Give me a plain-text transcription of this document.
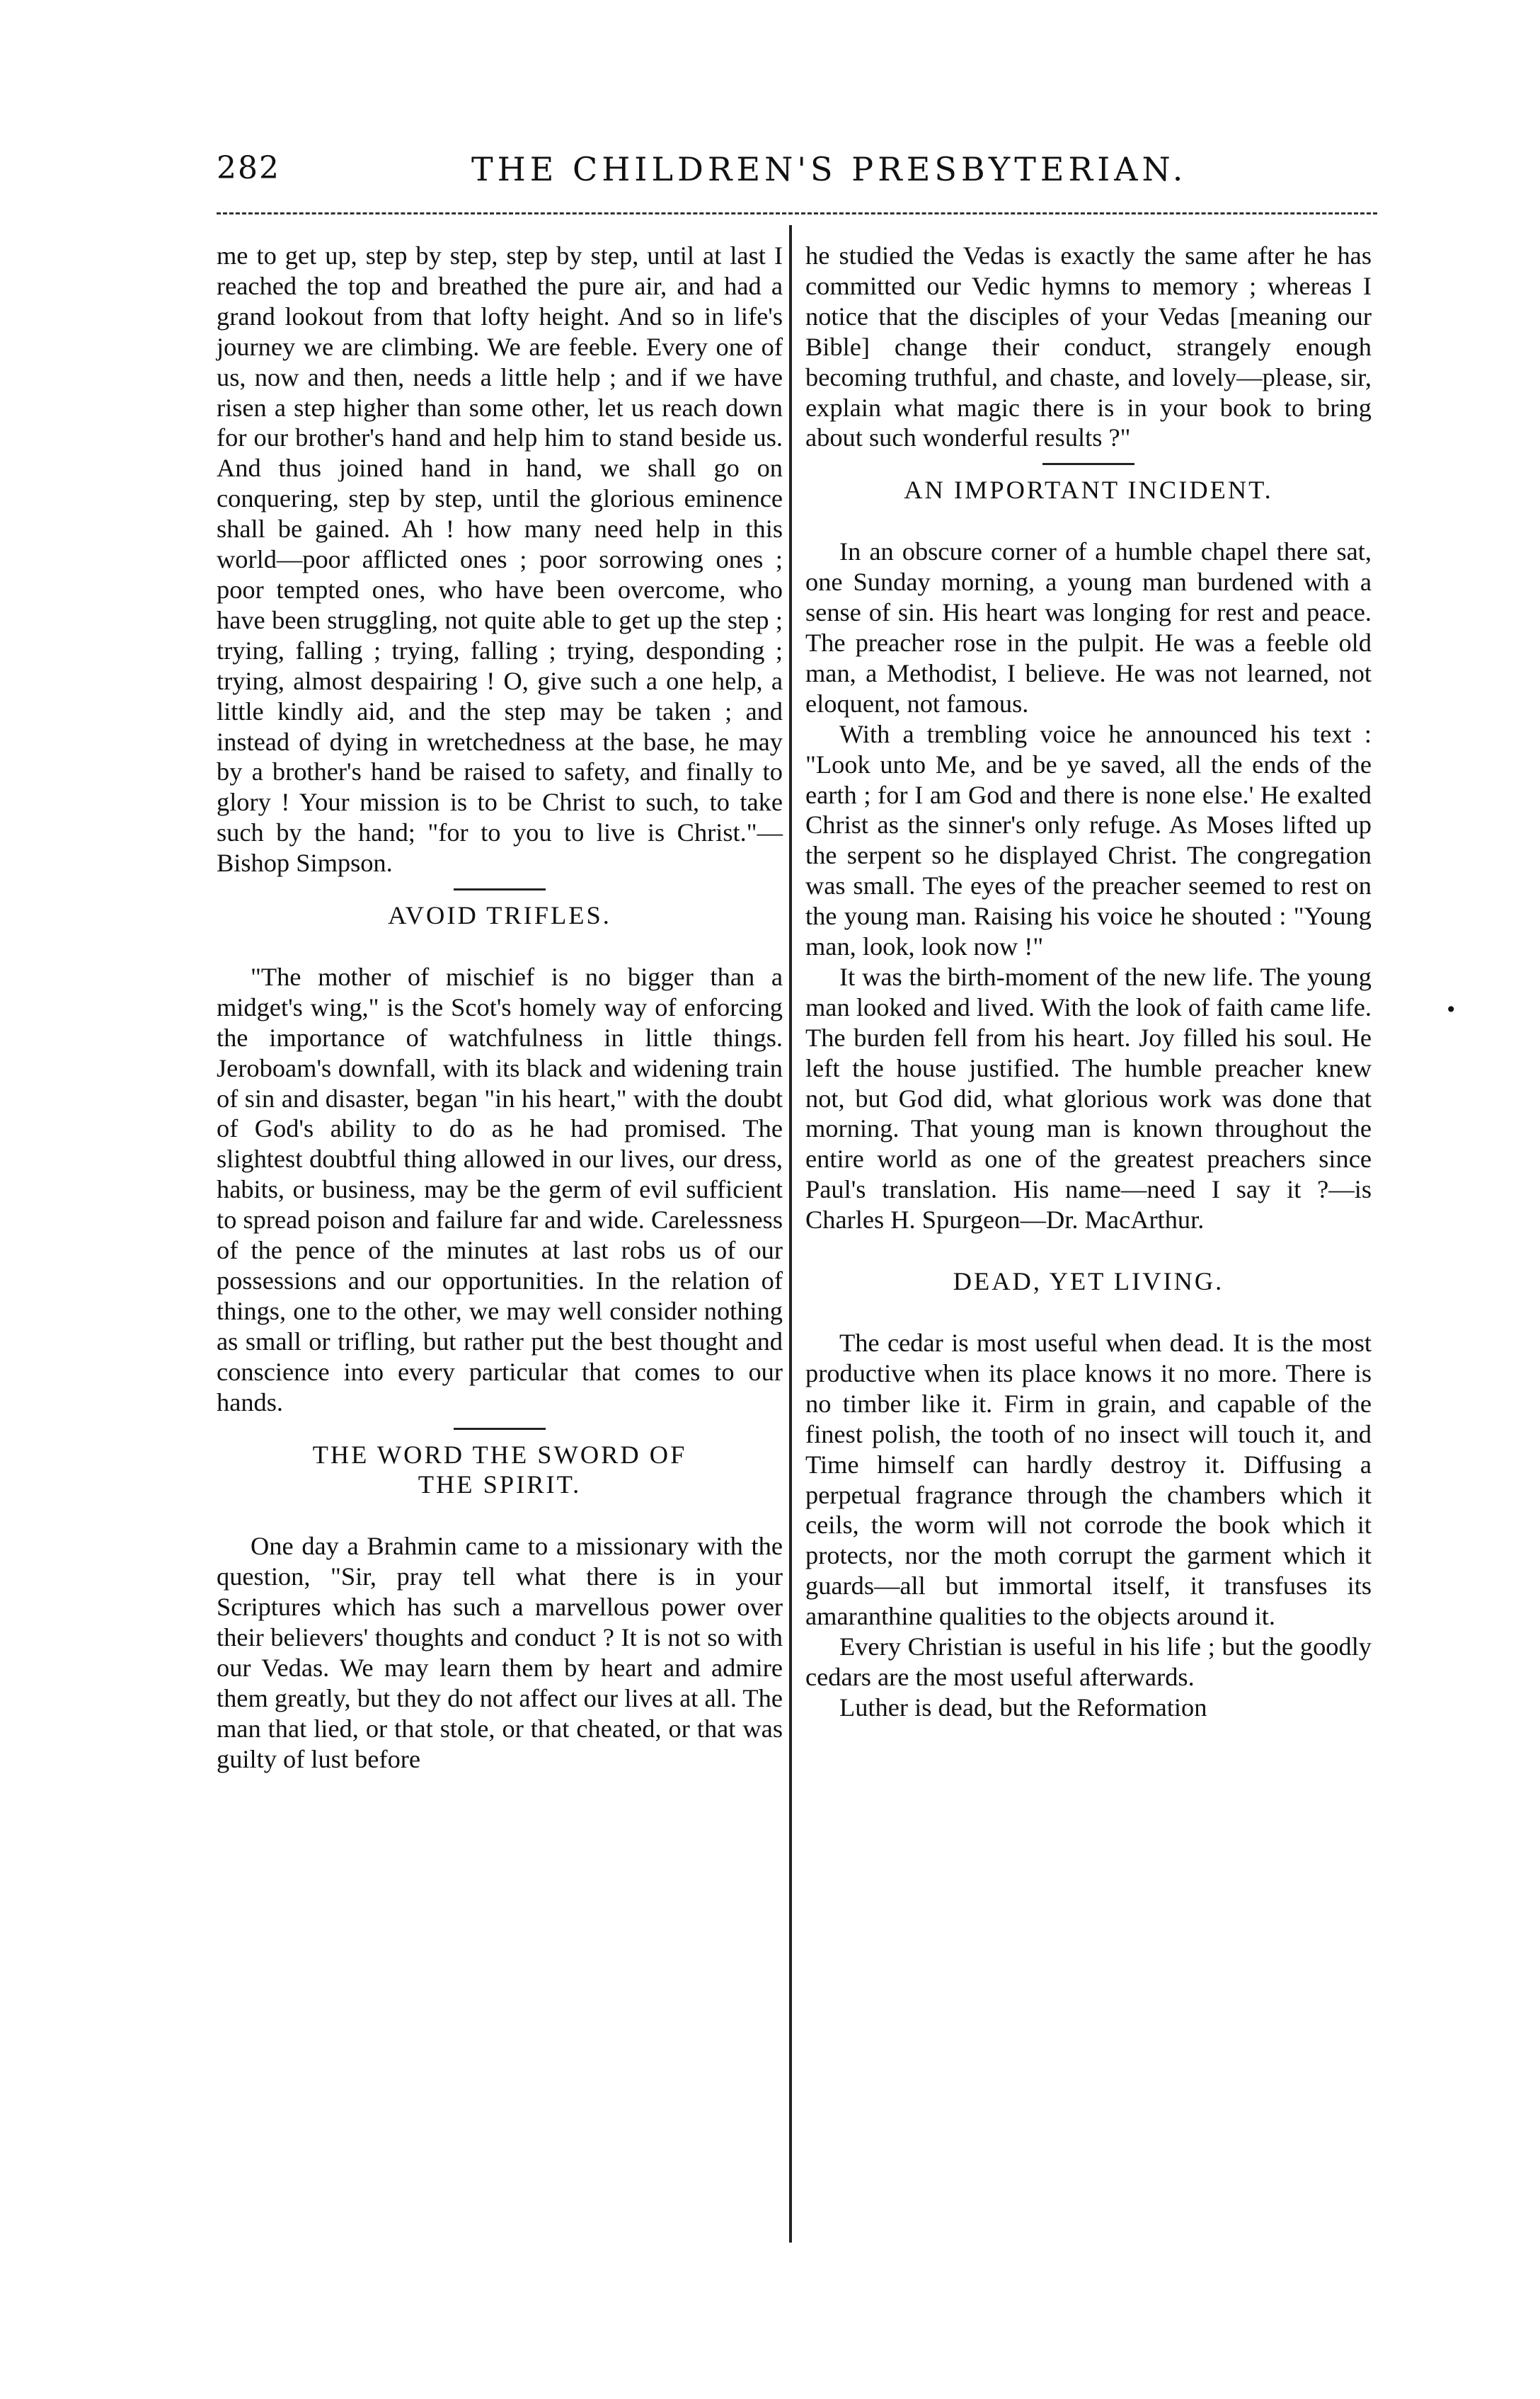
282	THE CHILDREN'S PRESBYTERIAN.
me to get up, step by step, step by step, until at last I reached the top and breathed the pure air, and had a grand lookout from that lofty height. And so in life's journey we are climbing. We are feeble. Every one of us, now and then, needs a little help ; and if we have risen a step higher than some other, let us reach down for our brother's hand and help him to stand beside us. And thus joined hand in hand, we shall go on conquering, step by step, until the glorious eminence shall be gained. Ah ! how many need help in this world—poor afflicted ones ; poor sorrowing ones ; poor tempted ones, who have been overcome, who have been struggling, not quite able to get up the step ; trying, falling ; trying, falling ; trying, desponding ; trying, almost despairing ! O, give such a one help, a little kindly aid, and the step may be taken ; and instead of dying in wretchedness at the base, he may by a brother's hand be raised to safety, and finally to glory ! Your mission is to be Christ to such, to take such by the hand; "for to you to live is Christ."—Bishop Simpson.
AVOID TRIFLES.
"The mother of mischief is no bigger than a midget's wing," is the Scot's homely way of enforcing the importance of watchfulness in little things. Jeroboam's downfall, with its black and widening train of sin and disaster, began "in his heart," with the doubt of God's ability to do as he had promised. The slightest doubtful thing allowed in our lives, our dress, habits, or business, may be the germ of evil sufficient to spread poison and failure far and wide. Carelessness of the pence of the minutes at last robs us of our possessions and our opportunities. In the relation of things, one to the other, we may well consider nothing as small or trifling, but rather put the best thought and conscience into every particular that comes to our hands.
THE WORD THE SWORD OF
THE SPIRIT.
One day a Brahmin came to a missionary with the question, "Sir, pray tell what there is in your Scriptures which has such a marvellous power over their believers' thoughts and conduct ? It is not so with our Vedas. We may learn them by heart and admire them greatly, but they do not affect our lives at all. The man that lied, or that stole, or that cheated, or that was guilty of lust before
he studied the Vedas is exactly the same after he has committed our Vedic hymns to memory ; whereas I notice that the disciples of your Vedas [meaning our Bible] change their conduct, strangely enough becoming truthful, and chaste, and lovely—please, sir, explain what magic there is in your book to bring about such wonderful results ?"
AN IMPORTANT INCIDENT.
In an obscure corner of a humble chapel there sat, one Sunday morning, a young man burdened with a sense of sin. His heart was longing for rest and peace. The preacher rose in the pulpit. He was a feeble old man, a Methodist, I believe. He was not learned, not eloquent, not famous.
With a trembling voice he announced his text : "Look unto Me, and be ye saved, all the ends of the earth ; for I am God and there is none else.' He exalted Christ as the sinner's only refuge. As Moses lifted up the serpent so he displayed Christ. The congregation was small. The eyes of the preacher seemed to rest on the young man. Raising his voice he shouted : "Young man, look, look now !"
It was the birth-moment of the new life. The young man looked and lived. With the look of faith came life. The burden fell from his heart. Joy filled his soul. He left the house justified. The humble preacher knew not, but God did, what glorious work was done that morning. That young man is known throughout the entire world as one of the greatest preachers since Paul's translation. His name—need I say it ?—is Charles H. Spurgeon—Dr. MacArthur.
DEAD, YET LIVING.
The cedar is most useful when dead. It is the most productive when its place knows it no more. There is no timber like it. Firm in grain, and capable of the finest polish, the tooth of no insect will touch it, and Time himself can hardly destroy it. Diffusing a perpetual fragrance through the chambers which it ceils, the worm will not corrode the book which it protects, nor the moth corrupt the garment which it guards—all but immortal itself, it transfuses its amaranthine qualities to the objects around it.
Every Christian is useful in his life ; but the goodly cedars are the most useful afterwards.
Luther is dead, but the Reformation
•
